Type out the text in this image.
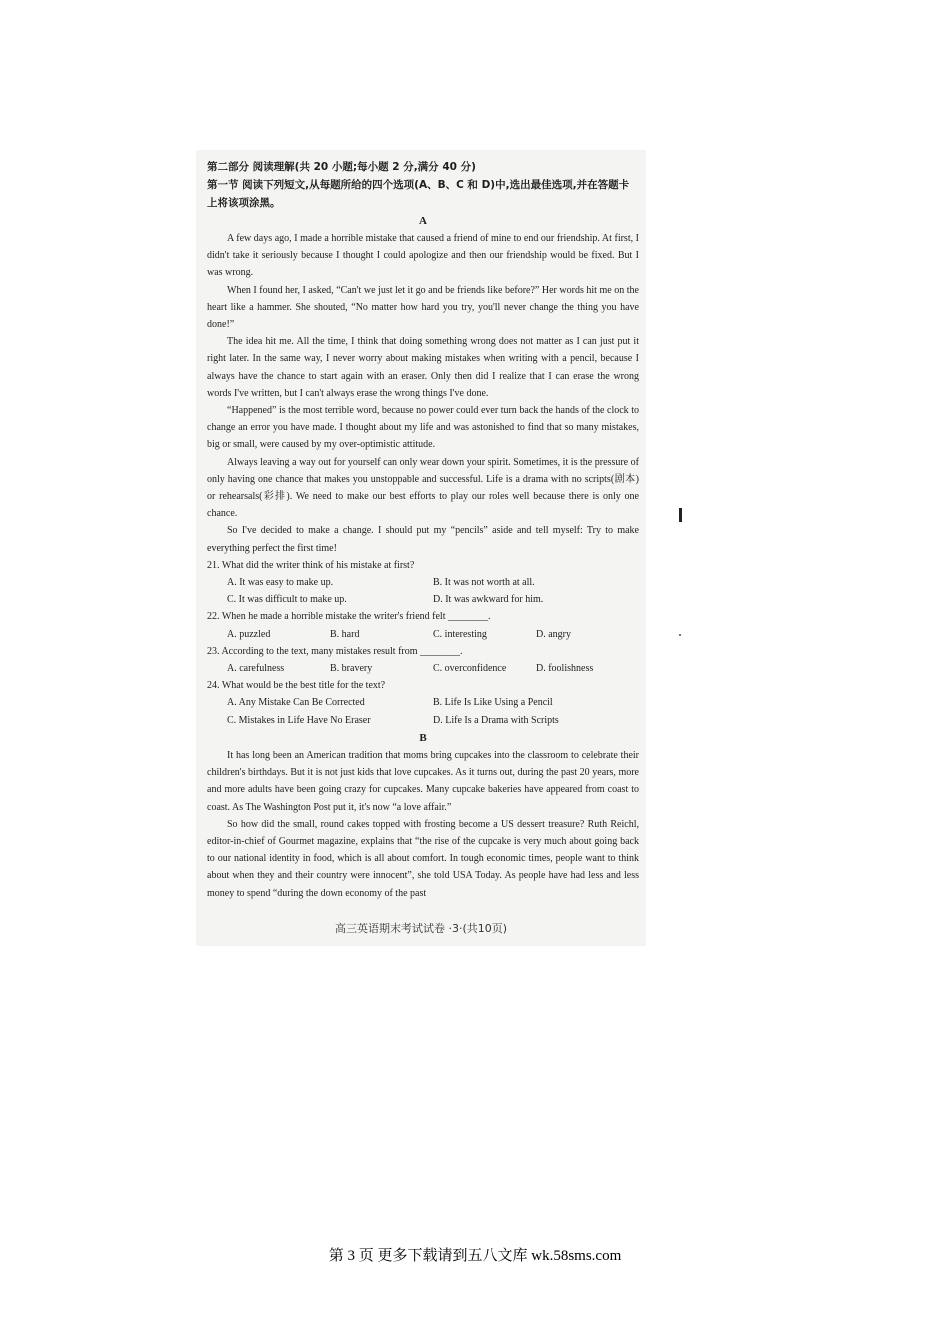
第二部分 阅读理解(共 20 小题;每小题 2 分,满分 40 分)
第一节 阅读下列短文,从每题所给的四个选项(A、B、C 和 D)中,选出最佳选项,并在答题卡上将该项涂黑。
A

A few days ago, I made a horrible mistake that caused a friend of mine to end our friendship. At first, I didn't take it seriously because I thought I could apologize and then our friendship would be fixed. But I was wrong.

When I found her, I asked, “Can't we just let it go and be friends like before?” Her words hit me on the heart like a hammer. She shouted, “No matter how hard you try, you'll never change the thing you have done!”

The idea hit me. All the time, I think that doing something wrong does not matter as I can just put it right later. In the same way, I never worry about making mistakes when writing with a pencil, because I always have the chance to start again with an eraser. Only then did I realize that I can erase the wrong words I've written, but I can't always erase the wrong things I've done.

“Happened” is the most terrible word, because no power could ever turn back the hands of the clock to change an error you have made. I thought about my life and was astonished to find that so many mistakes, big or small, were caused by my over-optimistic attitude.

Always leaving a way out for yourself can only wear down your spirit. Sometimes, it is the pressure of only having one chance that makes you unstoppable and successful. Life is a drama with no scripts(剧本) or rehearsals(彩排). We need to make our best efforts to play our roles well because there is only one chance.

So I've decided to make a change. I should put my “pencils” aside and tell myself: Try to make everything perfect the first time!

21. What did the writer think of his mistake at first?
A. It was easy to make up.	B. It was not worth at all.
C. It was difficult to make up.	D. It was awkward for him.
22. When he made a horrible mistake the writer's friend felt ________.
A. puzzled	B. hard	C. interesting	D. angry
23. According to the text, many mistakes result from ________.
A. carefulness	B. bravery	C. overconfidence	D. foolishness
24. What would be the best title for the text?
A. Any Mistake Can Be Corrected	B. Life Is Like Using a Pencil
C. Mistakes in Life Have No Eraser	D. Life Is a Drama with Scripts
B

It has long been an American tradition that moms bring cupcakes into the classroom to celebrate their children's birthdays. But it is not just kids that love cupcakes. As it turns out, during the past 20 years, more and more adults have been going crazy for cupcakes. Many cupcake bakeries have appeared from coast to coast. As The Washington Post put it, it's now “a love affair.”

So how did the small, round cakes topped with frosting become a US dessert treasure? Ruth Reichl, editor-in-chief of Gourmet magazine, explains that “the rise of the cupcake is very much about going back to our national identity in food, which is all about comfort. In tough economic times, people want to think about when they and their country were innocent”, she told USA Today. As people have had less and less money to spend “during the down economy of the past

高三英语期末考试试卷 ·3·(共10页)
第 3 页 更多下载请到五八文库 wk.58sms.com
